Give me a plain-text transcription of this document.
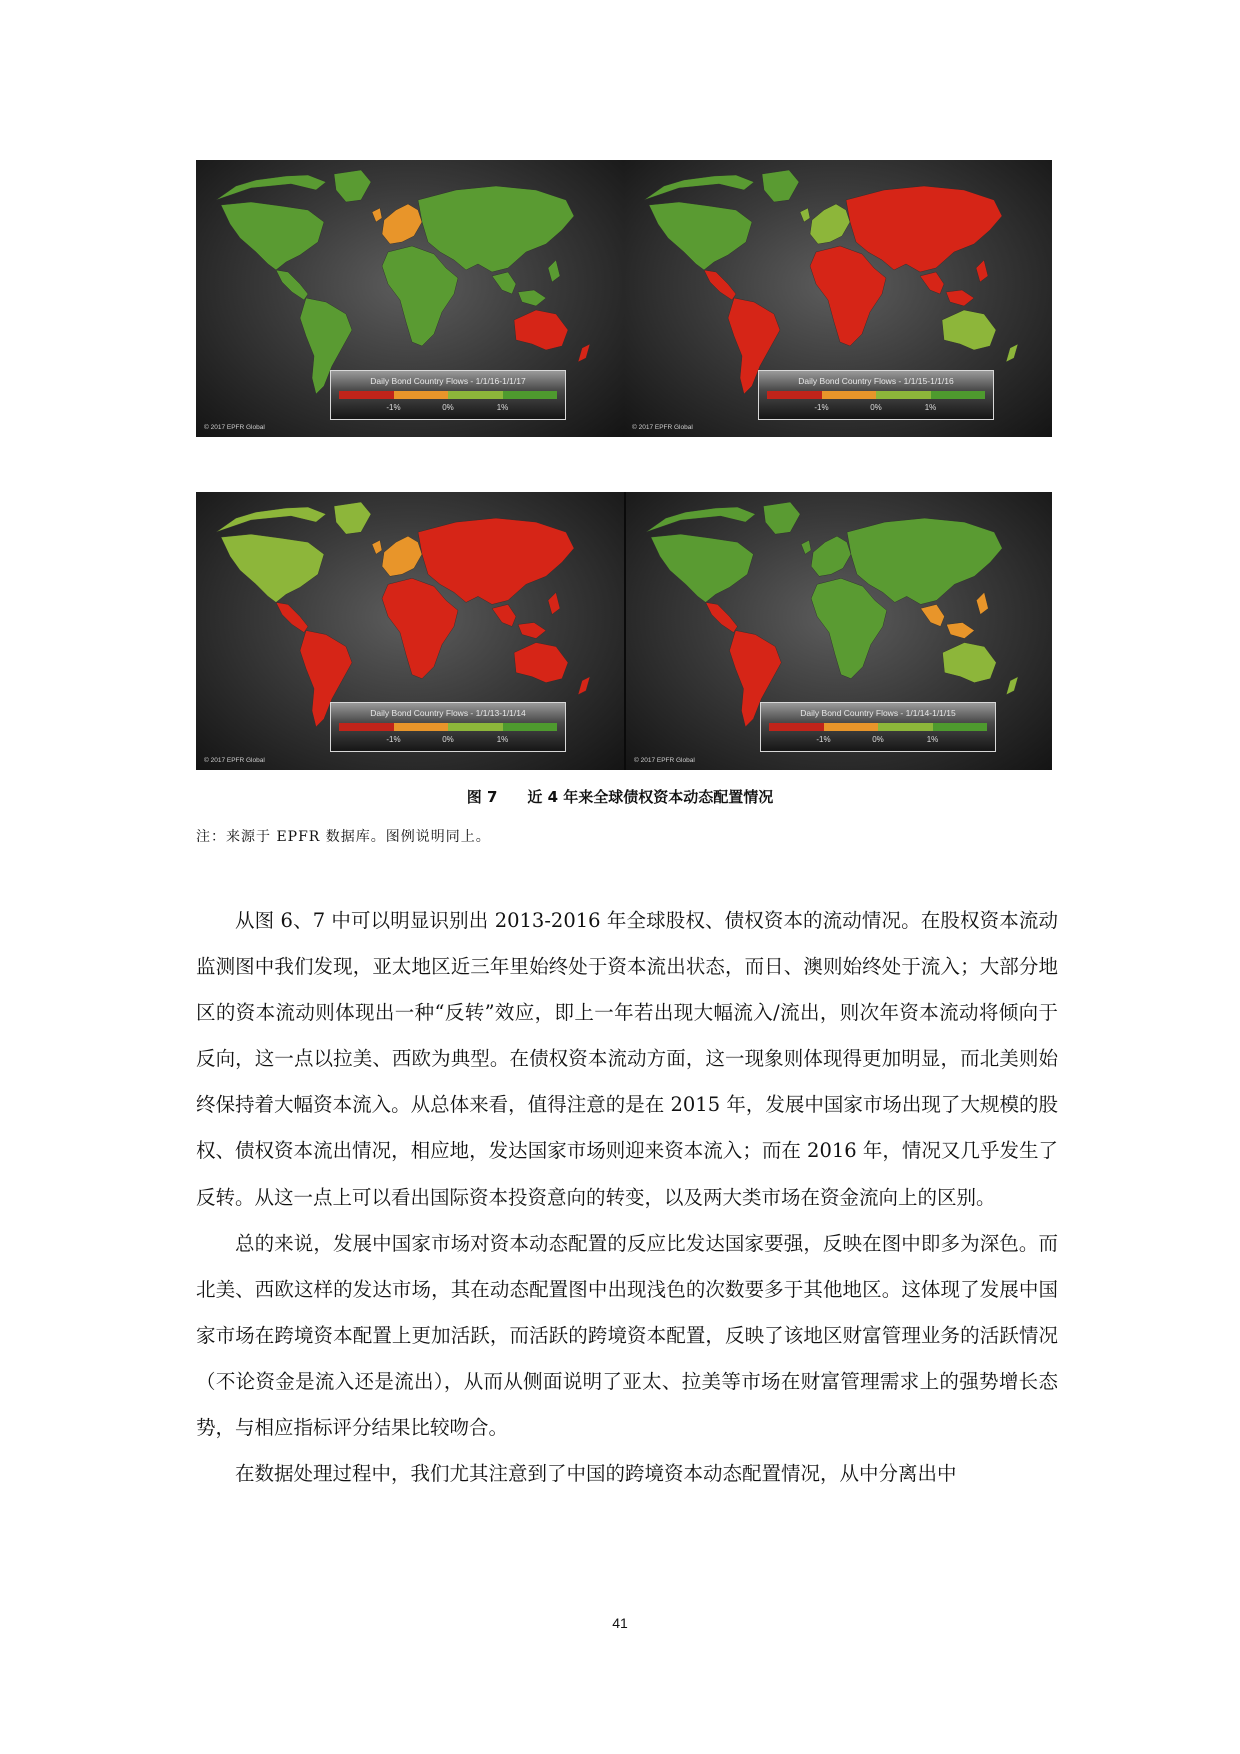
Daily Bond Country Flows - 1/1/16-1/1/17
-1%	0%	1%
© 2017 EPFR Global
Daily Bond Country Flows - 1/1/15-1/1/16
-1%	0%	1%
© 2017 EPFR Global
Daily Bond Country Flows - 1/1/13-1/1/14
-1%	0%	1%
© 2017 EPFR Global
Daily Bond Country Flows - 1/1/14-1/1/15
-1%	0%	1%
© 2017 EPFR Global
图 7 近 4 年来全球债权资本动态配置情况
注：来源于 EPFR 数据库。图例说明同上。

从图 6、7 中可以明显识别出 2013-2016 年全球股权、债权资本的流动情况。在股权资本流动监测图中我们发现，亚太地区近三年里始终处于资本流出状态，而日、澳则始终处于流入；大部分地区的资本流动则体现出一种“反转”效应，即上一年若出现大幅流入/流出，则次年资本流动将倾向于反向，这一点以拉美、西欧为典型。在债权资本流动方面，这一现象则体现得更加明显，而北美则始终保持着大幅资本流入。从总体来看，值得注意的是在 2015 年，发展中国家市场出现了大规模的股权、债权资本流出情况，相应地，发达国家市场则迎来资本流入；而在 2016 年，情况又几乎发生了反转。从这一点上可以看出国际资本投资意向的转变，以及两大类市场在资金流向上的区别。

总的来说，发展中国家市场对资本动态配置的反应比发达国家要强，反映在图中即多为深色。而北美、西欧这样的发达市场，其在动态配置图中出现浅色的次数要多于其他地区。这体现了发展中国家市场在跨境资本配置上更加活跃，而活跃的跨境资本配置，反映了该地区财富管理业务的活跃情况（不论资金是流入还是流出），从而从侧面说明了亚太、拉美等市场在财富管理需求上的强势增长态势，与相应指标评分结果比较吻合。

在数据处理过程中，我们尤其注意到了中国的跨境资本动态配置情况，从中分离出中

41
